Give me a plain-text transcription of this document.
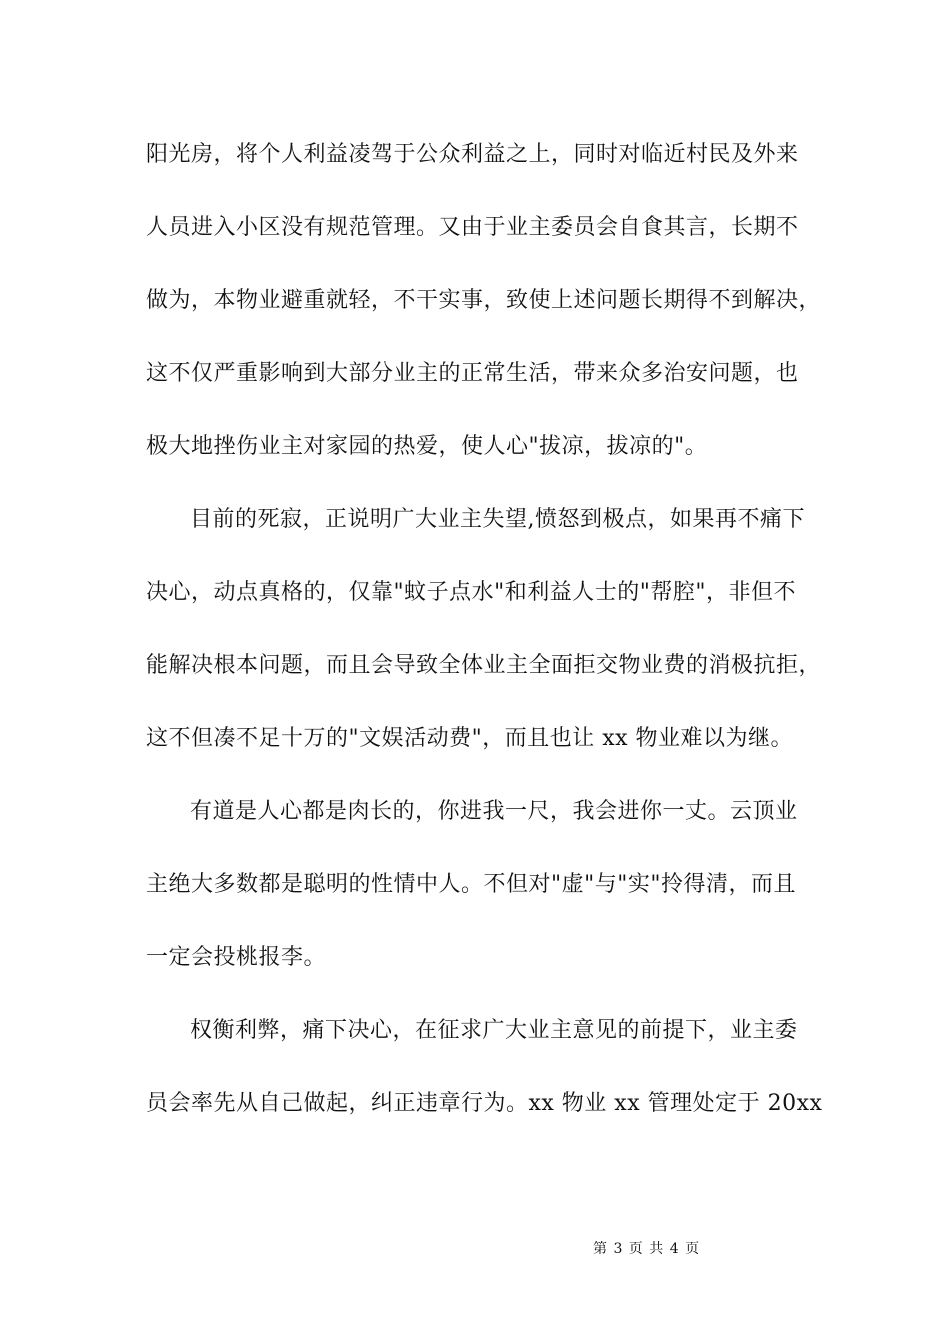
阳光房，将个人利益凌驾于公众利益之上，同时对临近村民及外来
人员进入小区没有规范管理。又由于业主委员会自食其言，长期不
做为，本物业避重就轻，不干实事，致使上述问题长期得不到解决，
这不仅严重影响到大部分业主的正常生活，带来众多治安问题，也
极大地挫伤业主对家园的热爱，使人心"拔凉，拔凉的"。
目前的死寂，正说明广大业主失望,愤怒到极点，如果再不痛下
决心，动点真格的，仅靠"蚊子点水"和利益人士的"帮腔"，非但不
能解决根本问题，而且会导致全体业主全面拒交物业费的消极抗拒，
这不但凑不足十万的"文娱活动费"，而且也让 xx 物业难以为继。
有道是人心都是肉长的，你进我一尺，我会进你一丈。云顶业
主绝大多数都是聪明的性情中人。不但对"虚"与"实"拎得清，而且
一定会投桃报李。
权衡利弊，痛下决心，在征求广大业主意见的前提下，业主委
员会率先从自己做起，纠正违章行为。xx 物业 xx 管理处定于 20xx
第 3 页 共 4 页
